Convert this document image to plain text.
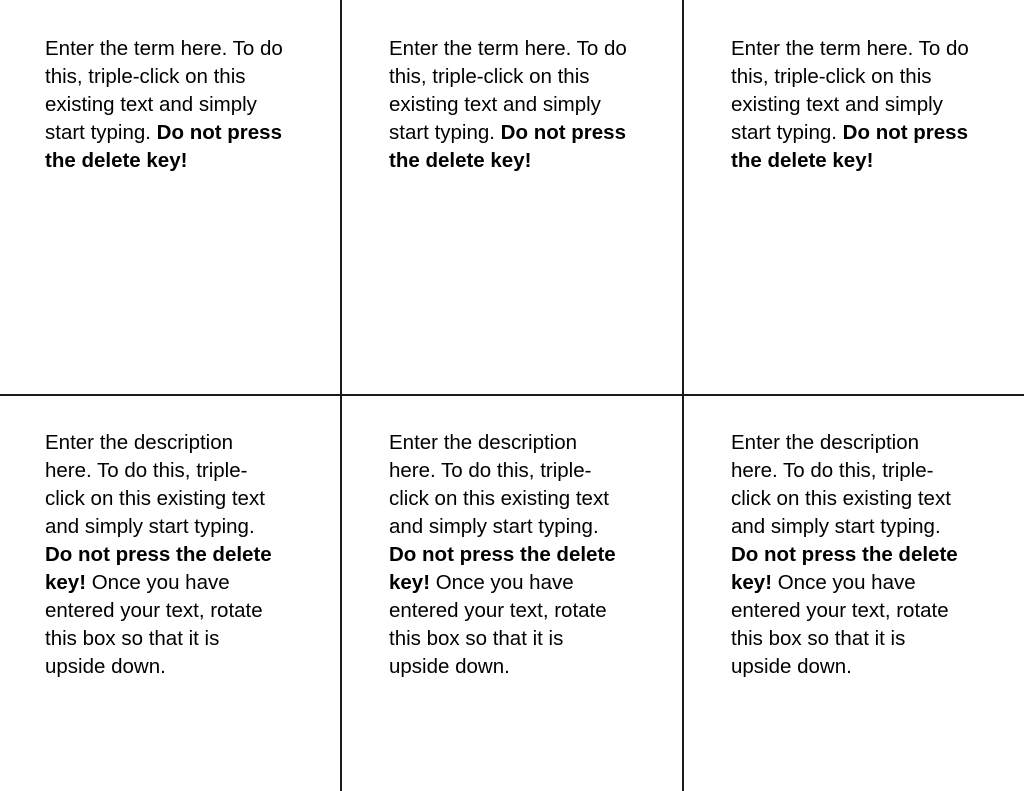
Enter the term here. To do this, triple-click on this existing text and simply start typing. Do not press the delete key!
Enter the term here. To do this, triple-click on this existing text and simply start typing. Do not press the delete key!
Enter the term here. To do this, triple-click on this existing text and simply start typing. Do not press the delete key!
Enter the description here. To do this, triple-click on this existing text and simply start typing. Do not press the delete key! Once you have entered your text, rotate this box so that it is upside down.
Enter the description here. To do this, triple-click on this existing text and simply start typing. Do not press the delete key! Once you have entered your text, rotate this box so that it is upside down.
Enter the description here. To do this, triple-click on this existing text and simply start typing. Do not press the delete key! Once you have entered your text, rotate this box so that it is upside down.
